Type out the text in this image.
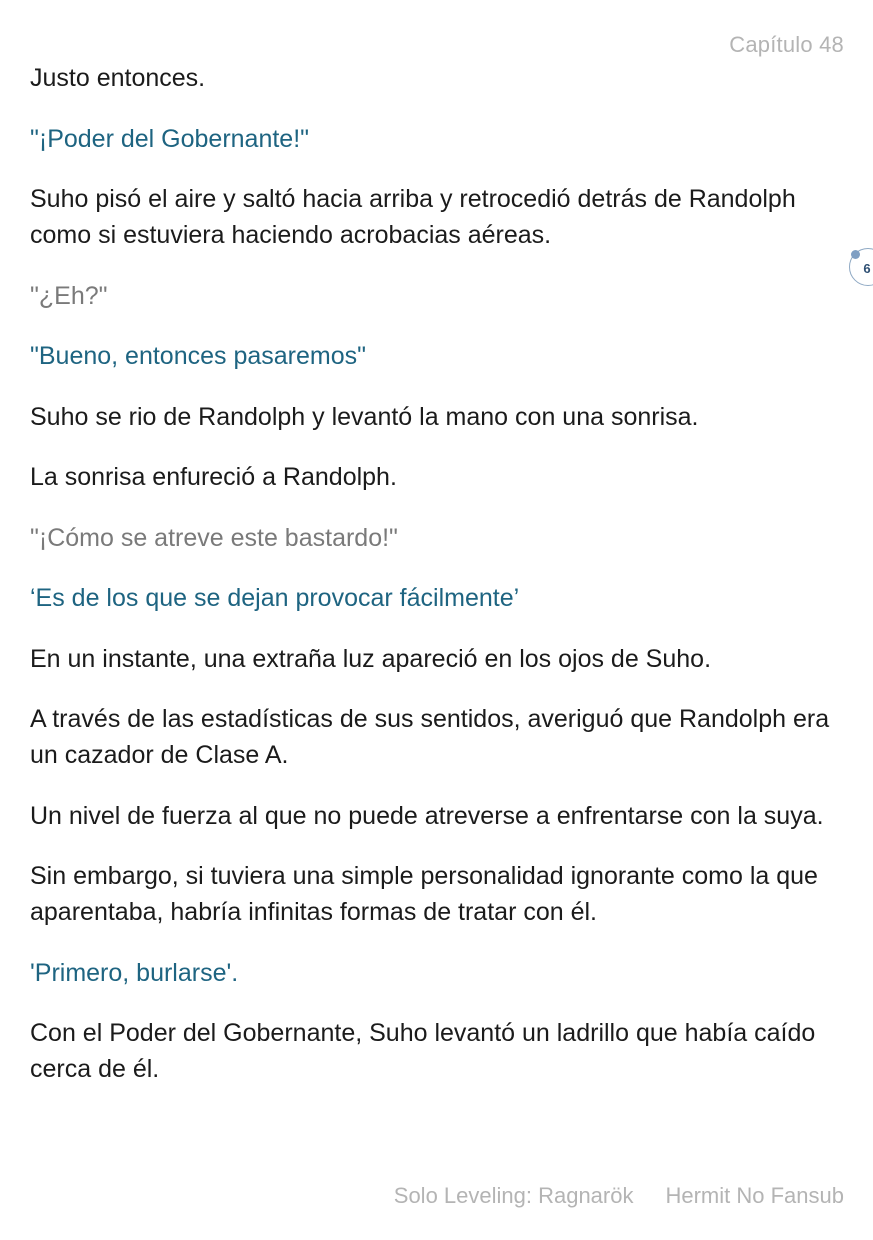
Capítulo 48

Justo entonces.

"¡Poder del Gobernante!"

Suho pisó el aire y saltó hacia arriba y retrocedió detrás de Randolph como si estuviera haciendo acrobacias aéreas.

"¿Eh?"

"Bueno, entonces pasaremos"

Suho se rio de Randolph y levantó la mano con una sonrisa.

La sonrisa enfureció a Randolph.

"¡Cómo se atreve este bastardo!"

‘Es de los que se dejan provocar fácilmente’

En un instante, una extraña luz apareció en los ojos de Suho.

A través de las estadísticas de sus sentidos, averiguó que Randolph era un cazador de Clase A.

Un nivel de fuerza al que no puede atreverse a enfrentarse con la suya.

Sin embargo, si tuviera una simple personalidad ignorante como la que aparentaba, habría infinitas formas de tratar con él.

'Primero, burlarse'.

Con el Poder del Gobernante, Suho levantó un ladrillo que había caído cerca de él.

6
Solo Leveling: Ragnarök Hermit No Fansub
